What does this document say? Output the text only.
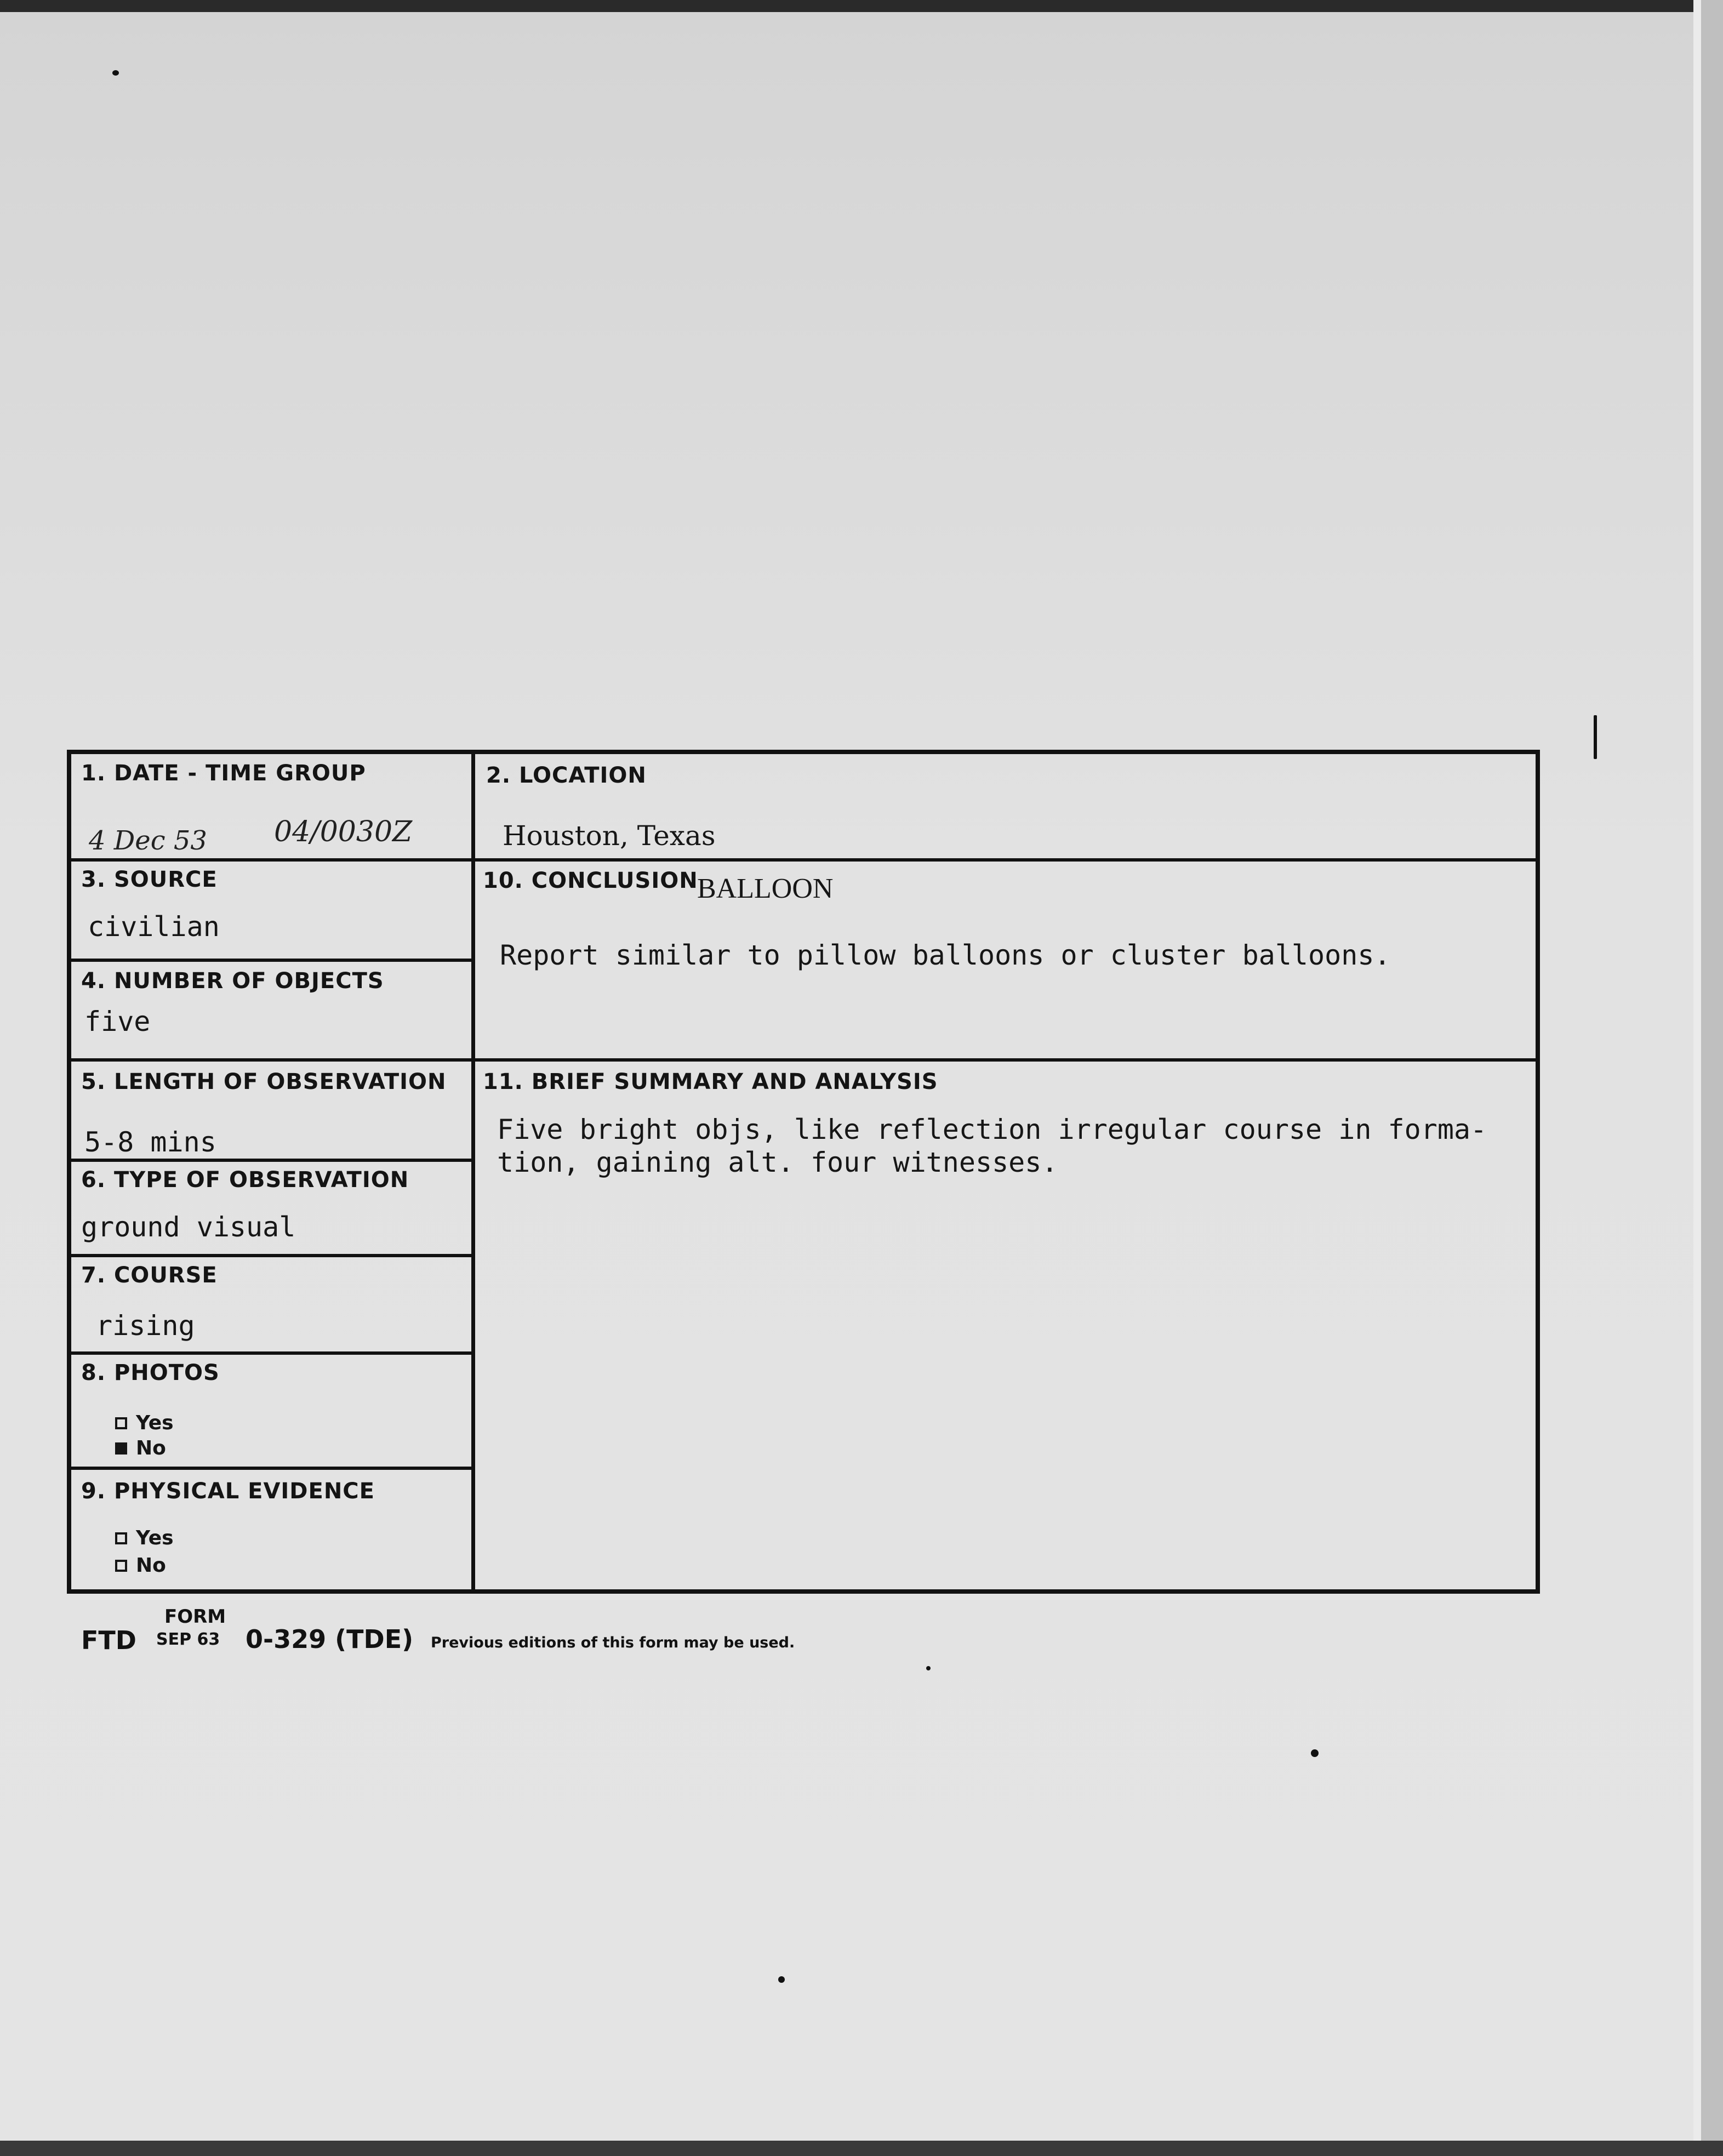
1. DATE - TIME GROUP
4 Dec 53 04/0030Z
2. LOCATION
Houston, Texas
3. SOURCE
civilian
4. NUMBER OF OBJECTS
five
10. CONCLUSION
BALLOON
Report similar to pillow balloons or cluster balloons.
5. LENGTH OF OBSERVATION
5-8 mins
6. TYPE OF OBSERVATION
ground visual
7. COURSE
rising
8. PHOTOS
Yes
No
9. PHYSICAL EVIDENCE
Yes
No
11. BRIEF SUMMARY AND ANALYSIS
Five bright objs, like reflection irregular course in forma-
tion, gaining alt. four witnesses.
FORM
FTD SEP 63 0-329 (TDE) Previous editions of this form may be used.
